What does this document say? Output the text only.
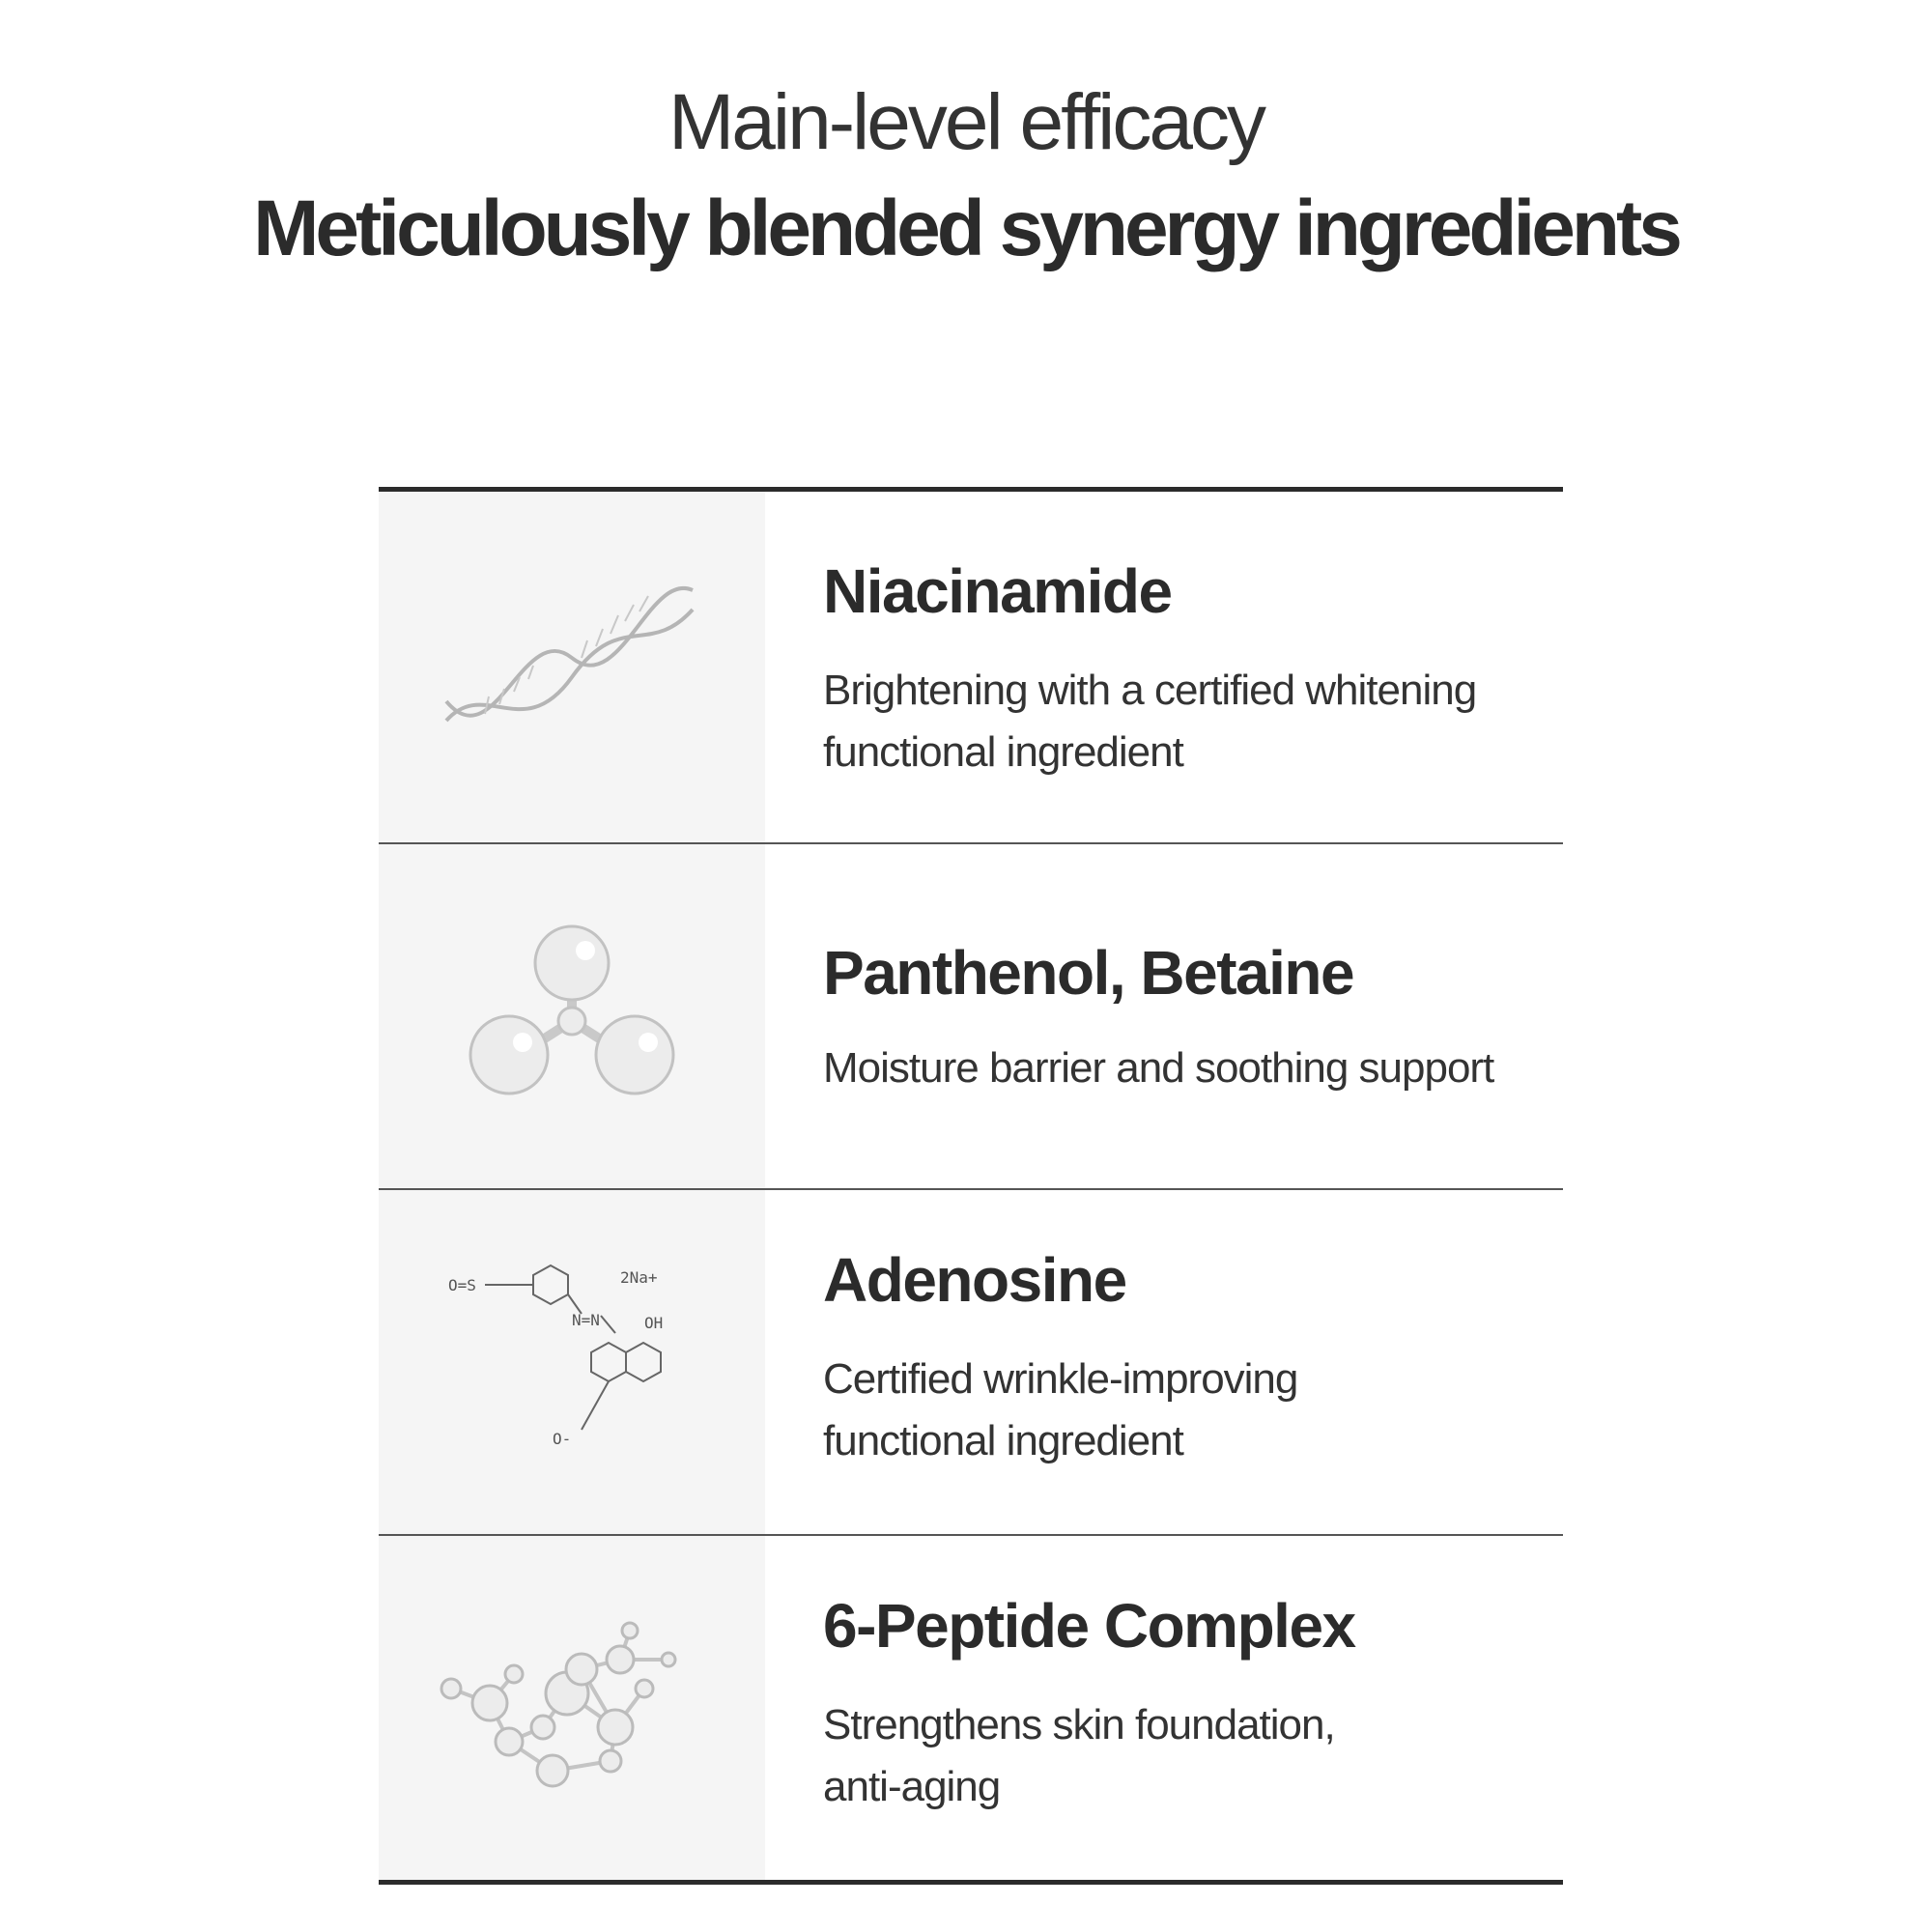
Main-level efficacy
Meticulously blended synergy ingredients
Niacinamide
Brightening with a certified whitening
functional ingredient
Panthenol, Betaine
Moisture barrier and soothing support
O=S	2Na+
N=N	OH
O-
Adenosine
Certified wrinkle-improving
functional ingredient
6-Peptide Complex
Strengthens skin foundation,
anti-aging
